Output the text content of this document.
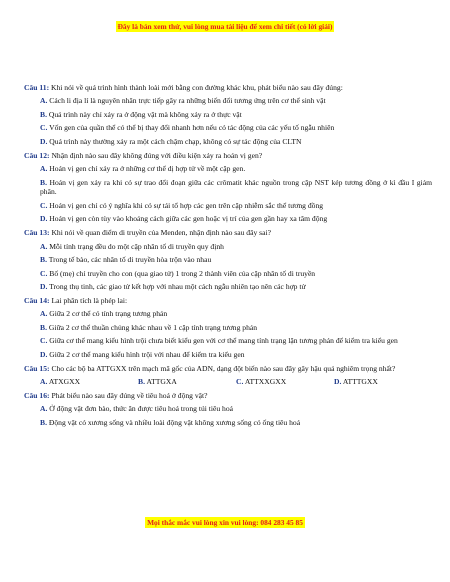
Đây là bản xem thử, vui lòng mua tài liệu để xem chi tiết (có lời giải)
Câu 11: Khi nói về quá trình hình thành loài mới bằng con đường khác khu, phát biểu nào sau đây đúng:
A. Cách li địa lí là nguyên nhân trực tiếp gây ra những biến đổi tương ứng trên cơ thể sinh vật
B. Quá trình này chỉ xảy ra ở động vật mà không xảy ra ở thực vật
C. Vốn gen của quần thể có thể bị thay đổi nhanh hơn nếu có tác động của các yếu tố ngẫu nhiên
D. Quá trình này thường xảy ra một cách chậm chạp, không có sự tác động của CLTN
Câu 12: Nhận định nào sau đây không đúng với điều kiện xảy ra hoán vị gen?
A. Hoán vị gen chỉ xảy ra ở những cơ thể dị hợp tử về một cặp gen.
B. Hoán vị gen xảy ra khi có sự trao đổi đoạn giữa các crômatit khác nguồn trong cặp NST kép tương đồng ở kì đầu I giảm phân.
C. Hoán vị gen chỉ có ý nghĩa khi có sự tái tổ hợp các gen trên cặp nhiễm sắc thể tương đồng
D. Hoán vị gen còn tùy vào khoảng cách giữa các gen hoặc vị trí của gen gần hay xa tâm động
Câu 13: Khi nói về quan điểm di truyền của Menden, nhận định nào sau đây sai?
A. Mỗi tính trạng đều do một cặp nhân tố di truyền quy định
B. Trong tế bào, các nhân tố di truyền hòa trộn vào nhau
C. Bố (mẹ) chỉ truyền cho con (qua giao tử) 1 trong 2 thành viên của cặp nhân tố di truyền
D. Trong thụ tinh, các giao tử kết hợp với nhau một cách ngẫu nhiên tạo nên các hợp tử
Câu 14: Lai phân tích là phép lai:
A. Giữa 2 cơ thể có tính trạng tương phản
B. Giữa 2 cơ thể thuần chủng khác nhau về 1 cặp tính trạng tương phản
C. Giữa cơ thể mang kiểu hình trội chưa biết kiểu gen với cơ thể mang tính trạng lặn tương phản để kiểm tra kiểu gen
D. Giữa 2 cơ thể mang kiểu hình trội với nhau để kiểm tra kiểu gen
Câu 15: Cho các bộ ba ATTGXX trên mạch mã gốc của ADN, dạng đột biến nào sau đây gây hậu quả nghiêm trọng nhất?
A. ATXGXX	B. ATTGXA	C. ATTXXGXX	D. ATTTGXX
Câu 16: Phát biểu nào sau đây đúng về tiêu hoá ở động vật?
A. Ở động vật đơn bào, thức ăn được tiêu hoá trong túi tiêu hoá
B. Động vật có xương sống và nhiều loài động vật không xương sống có ống tiêu hoá
Mọi thắc mắc vui lòng xin vui lòng: 084 283 45 85
